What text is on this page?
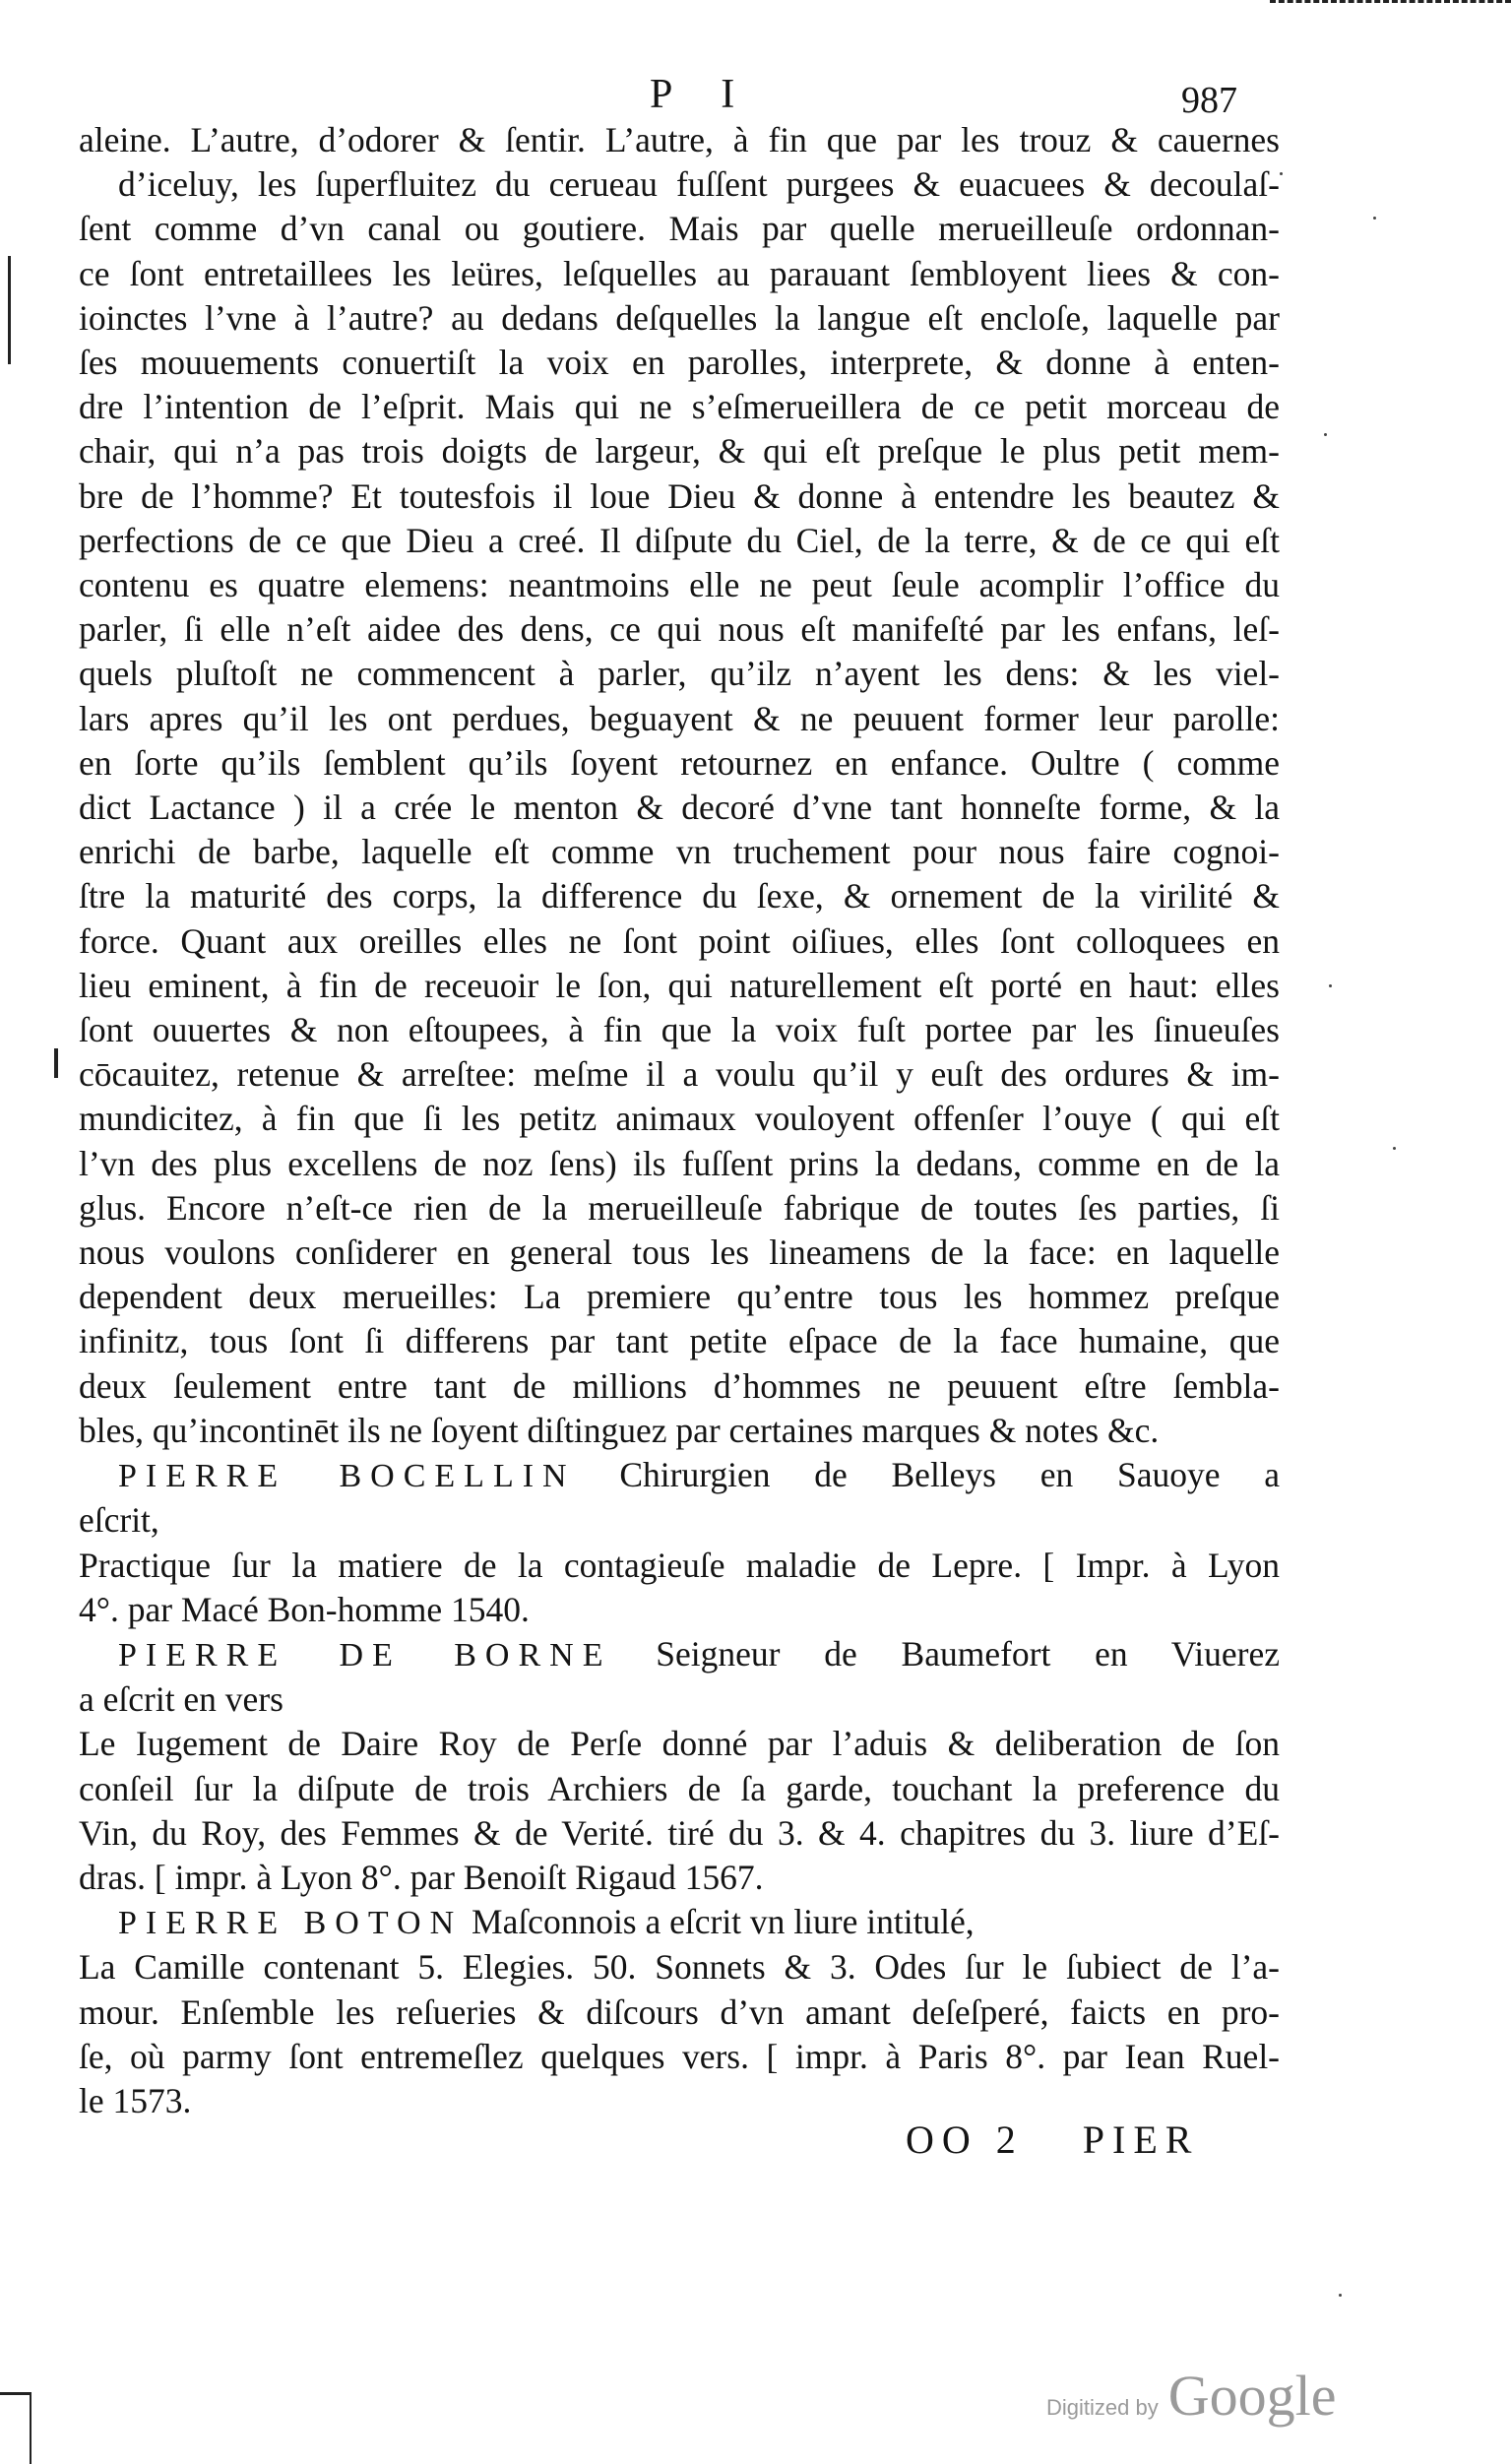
P I	987
aleine. L’autre, d’odorer & ſentir. L’autre, à fin que par les trouz & cauernes
d’iceluy, les ſuperfluitez du cerueau fuſſent purgees & euacuees & decoulaſ-
ſent comme d’vn canal ou goutiere. Mais par quelle merueilleuſe ordonnan-
ce ſont entretaillees les leüres, leſquelles au parauant ſembloyent liees & con-
ioinctes l’vne à l’autre? au dedans deſquelles la langue eſt encloſe, laquelle par
ſes mouuements conuertiſt la voix en parolles, interprete, & donne à enten-
dre l’intention de l’eſprit. Mais qui ne s’eſmerueillera de ce petit morceau de
chair, qui n’a pas trois doigts de largeur, & qui eſt preſque le plus petit mem-
bre de l’homme? Et toutesfois il loue Dieu & donne à entendre les beautez &
perfections de ce que Dieu a creé. Il diſpute du Ciel, de la terre, & de ce qui eſt
contenu es quatre elemens: neantmoins elle ne peut ſeule acomplir l’office du
parler, ſi elle n’eſt aidee des dens, ce qui nous eſt manifeſté par les enfans, leſ-
quels pluſtoſt ne commencent à parler, qu’ilz n’ayent les dens: & les viel-
lars apres qu’il les ont perdues, beguayent & ne peuuent former leur parolle:
en ſorte qu’ils ſemblent qu’ils ſoyent retournez en enfance. Oultre ( comme
dict Lactance ) il a crée le menton & decoré d’vne tant honneſte forme, & la
enrichi de barbe, laquelle eſt comme vn truchement pour nous faire cognoi-
ſtre la maturité des corps, la difference du ſexe, & ornement de la virilité &
force. Quant aux oreilles elles ne ſont point oiſiues, elles ſont colloquees en
lieu eminent, à fin de receuoir le ſon, qui naturellement eſt porté en haut: elles
ſont ouuertes & non eſtoupees, à fin que la voix fuſt portee par les ſinueuſes
cōcauitez, retenue & arreſtee: meſme il a voulu qu’il y euſt des ordures & im-
mundicitez, à fin que ſi les petitz animaux vouloyent offenſer l’ouye ( qui eſt
l’vn des plus excellens de noz ſens) ils fuſſent prins la dedans, comme en de la
glus. Encore n’eſt-ce rien de la merueilleuſe fabrique de toutes ſes parties, ſi
nous voulons conſiderer en general tous les lineamens de la face: en laquelle
dependent deux merueilles: La premiere qu’entre tous les hommez preſque
infinitz, tous ſont ſi differens par tant petite eſpace de la face humaine, que
deux ſeulement entre tant de millions d’hommes ne peuuent eſtre ſembla-
bles, qu’incontinēt ils ne ſoyent diſtinguez par certaines marques & notes &c.
PIERRE BOCELLIN Chirurgien de Belleys en Sauoye a
eſcrit,
Practique ſur la matiere de la contagieuſe maladie de Lepre. [ Impr. à Lyon
4°. par Macé Bon-homme 1540.
PIERRE DE BORNE Seigneur de Baumefort en Viuerez
a eſcrit en vers
Le Iugement de Daire Roy de Perſe donné par l’aduis & deliberation de ſon
conſeil ſur la diſpute de trois Archiers de ſa garde, touchant la preference du
Vin, du Roy, des Femmes & de Verité. tiré du 3. & 4. chapitres du 3. liure d’Eſ-
dras. [ impr. à Lyon 8°. par Benoiſt Rigaud 1567.
PIERRE BOTON Maſconnois a eſcrit vn liure intitulé,
La Camille contenant 5. Elegies. 50. Sonnets & 3. Odes ſur le ſubiect de l’a-
mour. Enſemble les reſueries & diſcours d’vn amant deſeſperé, faicts en pro-
ſe, où parmy ſont entremeſlez quelques vers. [ impr. à Paris 8°. par Iean Ruel-
le 1573.
OO 2 PIER
Digitized by Google
